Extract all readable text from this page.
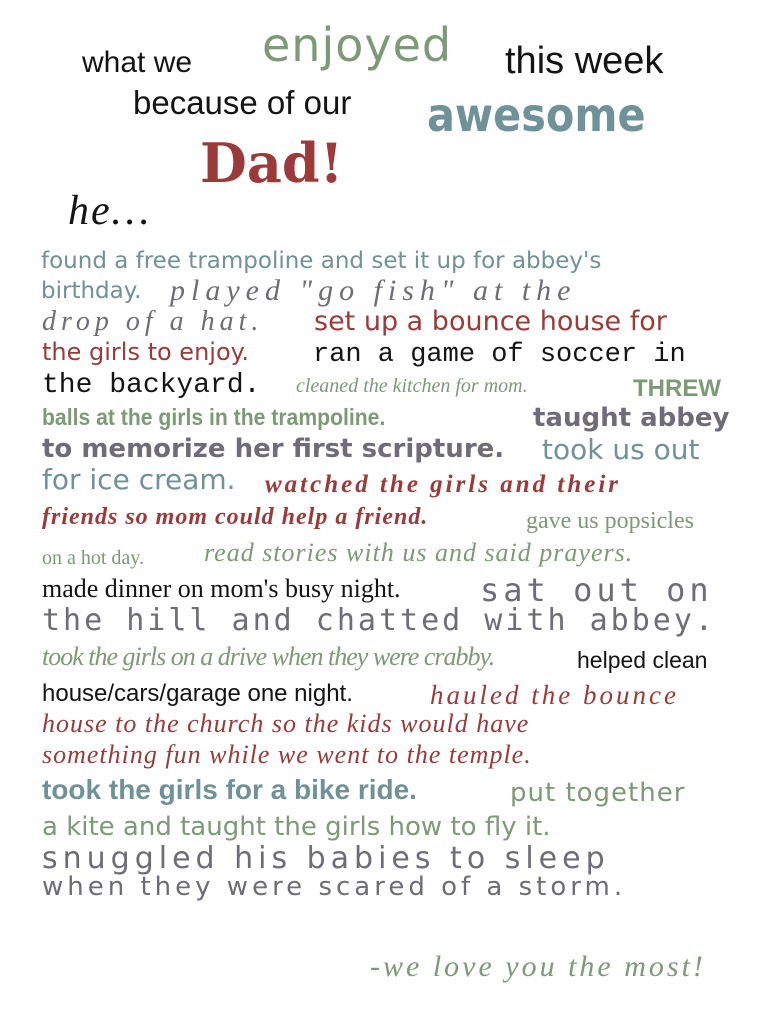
what we enjoyed this week
because of our awesome
Dad!
he…
found a free trampoline and set it up for abbey's
birthday. played "go fish" at the
drop of a hat. set up a bounce house for
the girls to enjoy. ran a game of soccer in
the backyard. cleaned the kitchen for mom.	THREW
balls at the girls in the trampoline.	taught abbey
to memorize her first scripture. took us out
for ice cream. watched the girls and their
friends so mom could help a friend.	gave us popsicles
on a hot day. read stories with us and said prayers.
made dinner on mom's busy night. sat out on
the hill and chatted with abbey.
took the girls on a drive when they were crabby.	helped clean
house/cars/garage one night.	hauled the bounce
house to the church so the kids would have
something fun while we went to the temple.
took the girls for a bike ride.	put together
a kite and taught the girls how to fly it.
snuggled his babies to sleep
when they were scared of a storm.
-we love you the most!
